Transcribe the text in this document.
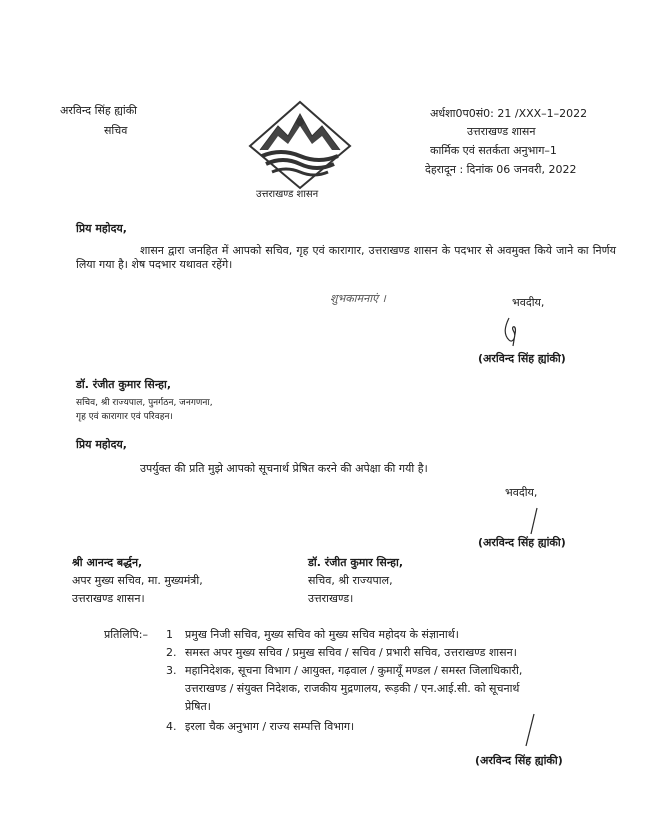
अरविन्द सिंह ह्यांकी
सचिव
उत्तराखण्ड शासन
अर्धशा0प0सं0: 21 /XXX–1–2022
उत्तराखण्ड शासन
कार्मिक एवं सतर्कता अनुभाग–1
देहरादून : दिनांक 06 जनवरी, 2022
प्रिय महोदय,
शासन द्वारा जनहित में आपको सचिव, गृह एवं कारागार, उत्तराखण्ड शासन के पदभार से अवमुक्त किये जाने का निर्णय लिया गया है। शेष पदभार यथावत रहेंगे।
शुभकामनाएं ।	भवदीय,
(अरविन्द सिंह ह्यांकी)
डॉ. रंजीत कुमार सिन्हा,
सचिव, श्री राज्यपाल, पुनर्गठन, जनगणना,
गृह एवं कारागार एवं परिवहन।
प्रिय महोदय,
उपर्युक्त की प्रति मुझे आपको सूचनार्थ प्रेषित करने की अपेक्षा की गयी है।
भवदीय,
(अरविन्द सिंह ह्यांकी)
श्री आनन्द बर्द्धन,
अपर मुख्य सचिव, मा. मुख्यमंत्री,
उत्तराखण्ड शासन।
डॉ. रंजीत कुमार सिन्हा,
सचिव, श्री राज्यपाल,
उत्तराखण्ड।
प्रतिलिपि:– 1 प्रमुख निजी सचिव, मुख्य सचिव को मुख्य सचिव महोदय के संज्ञानार्थ।
2. समस्त अपर मुख्य सचिव / प्रमुख सचिव / सचिव / प्रभारी सचिव, उत्तराखण्ड शासन।
3. महानिदेशक, सूचना विभाग / आयुक्त, गढ़वाल / कुमायूँ मण्डल / समस्त जिलाधिकारी,
उत्तराखण्ड / संयुक्त निदेशक, राजकीय मुद्रणालय, रूड़की / एन.आई.सी. को सूचनार्थ
प्रेषित।
4. इरला चैक अनुभाग / राज्य सम्पत्ति विभाग।
(अरविन्द सिंह ह्यांकी)
